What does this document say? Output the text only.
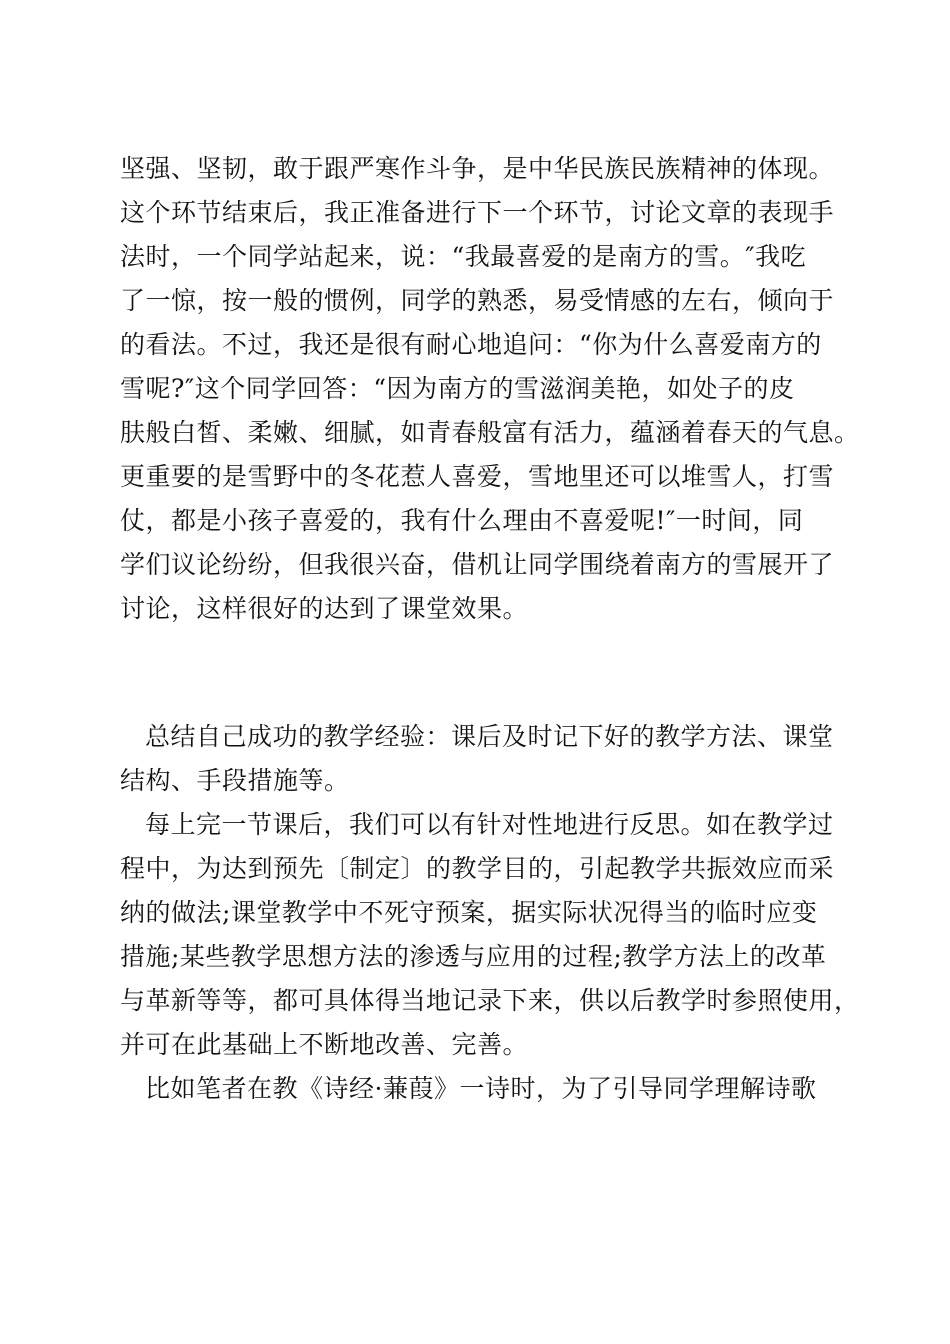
坚强、坚韧，敢于跟严寒作斗争，是中华民族民族精神的体现。
这个环节结束后，我正准备进行下一个环节，讨论文章的表现手
法时，一个同学站起来，说：“我最喜爱的是南方的雪。″我吃
了一惊，按一般的惯例，同学的熟悉，易受情感的左右，倾向于
的看法。不过，我还是很有耐心地追问：“你为什么喜爱南方的
雪呢?″这个同学回答：“因为南方的雪滋润美艳，如处子的皮
肤般白皙、柔嫩、细腻，如青春般富有活力，蕴涵着春天的气息。
更重要的是雪野中的冬花惹人喜爱，雪地里还可以堆雪人，打雪
仗，都是小孩子喜爱的，我有什么理由不喜爱呢!″一时间，同
学们议论纷纷，但我很兴奋，借机让同学围绕着南方的雪展开了
讨论，这样很好的达到了课堂效果。
总结自己成功的教学经验：课后及时记下好的教学方法、课堂
结构、手段措施等。
每上完一节课后，我们可以有针对性地进行反思。如在教学过
程中，为达到预先〔制定〕的教学目的，引起教学共振效应而采
纳的做法;课堂教学中不死守预案，据实际状况得当的临时应变
措施;某些教学思想方法的渗透与应用的过程;教学方法上的改革
与革新等等，都可具体得当地记录下来，供以后教学时参照使用，
并可在此基础上不断地改善、完善。
比如笔者在教《诗经·蒹葭》一诗时，为了引导同学理解诗歌
